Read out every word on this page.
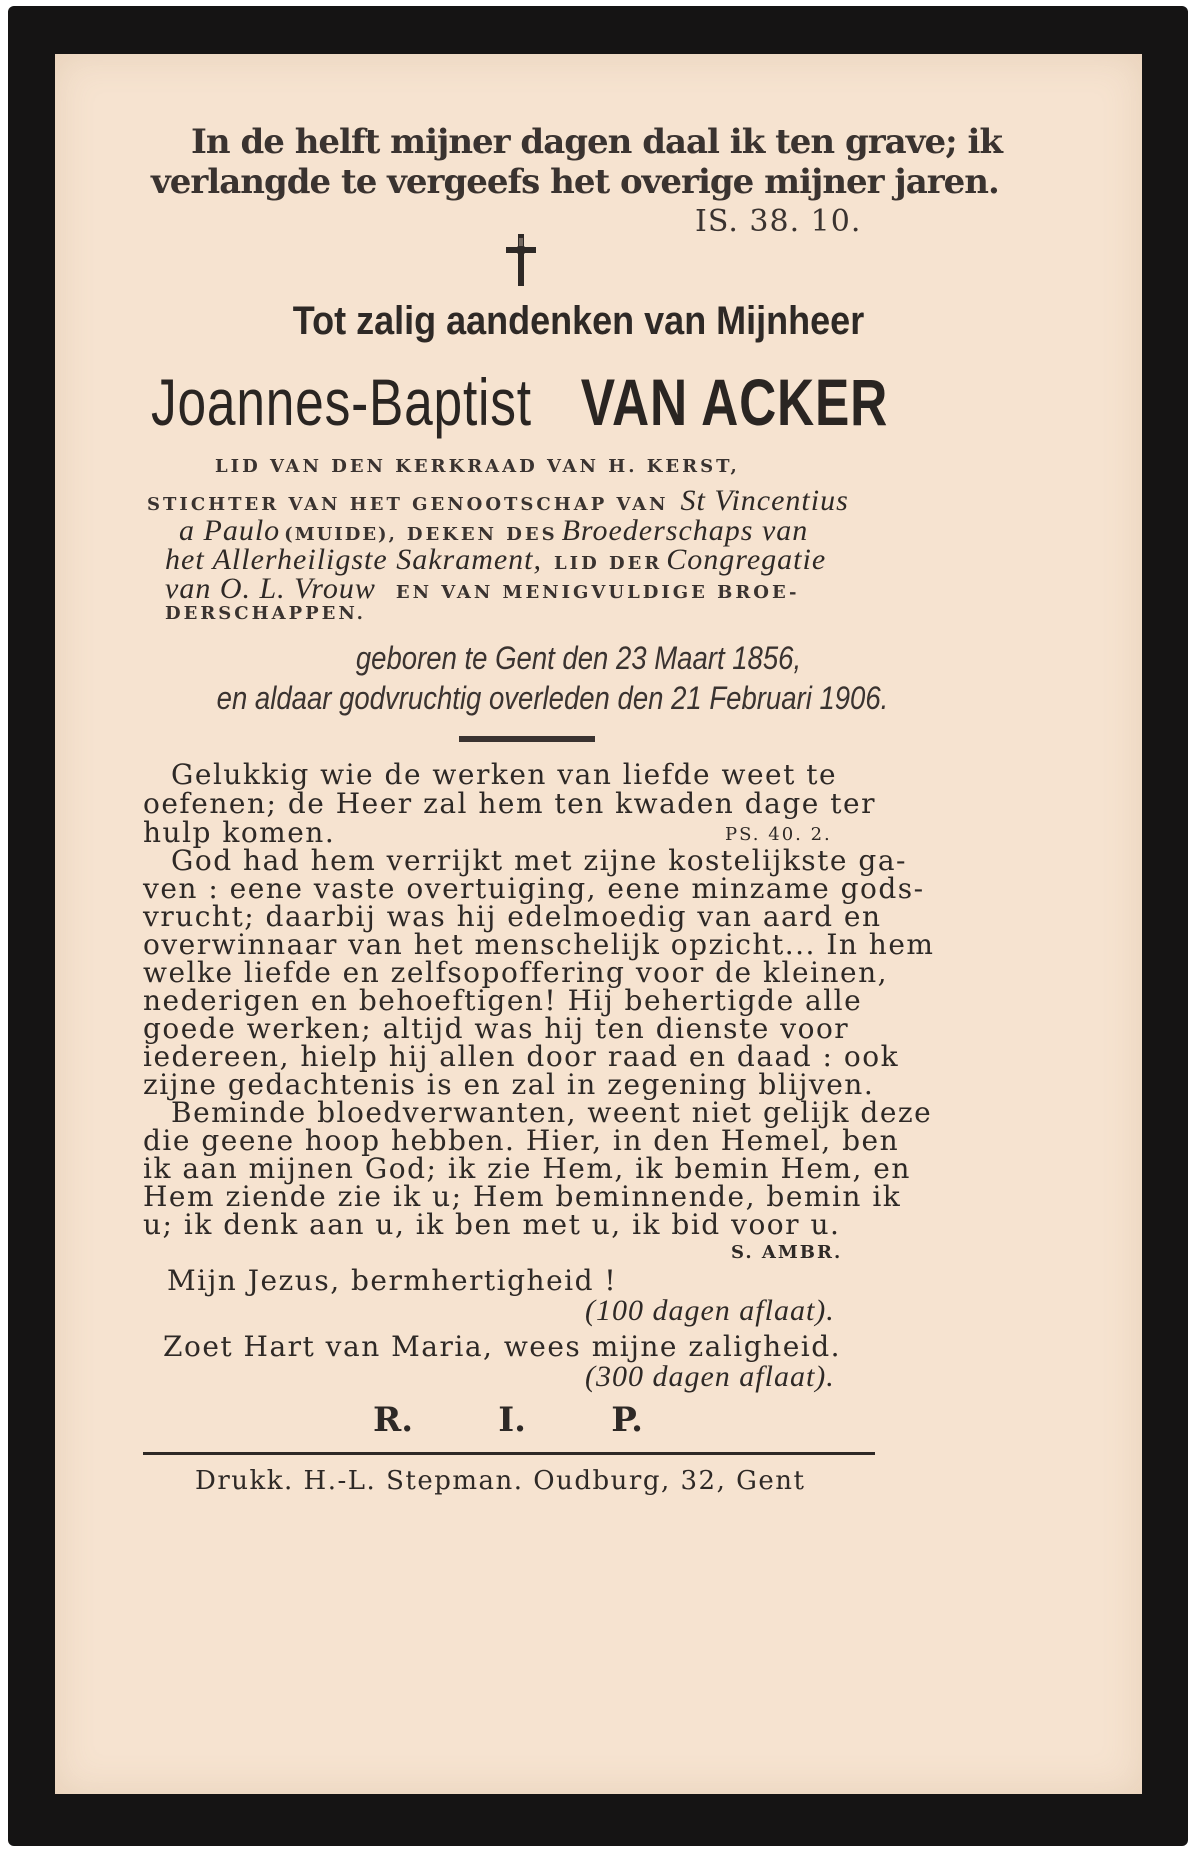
In de helft mijner dagen daal ik ten grave; ik
verlangde te vergeefs het overige mijner jaren.
IS. 38. 10.
Tot zalig aandenken van Mijnheer
Joannes-Baptist VAN ACKER
LID VAN DEN KERKRAAD VAN H. KERST,
STICHTER VAN HET GENOOTSCHAP VAN St Vincentius
a Paulo (MUIDE), DEKEN DES Broederschaps van
het Allerheiligste Sakrament, LID DER Congregatie
van O. L. Vrouw EN VAN MENIGVULDIGE BROE-
DERSCHAPPEN.
geboren te Gent den 23 Maart 1856,
en aldaar godvruchtig overleden den 21 Februari 1906.
Gelukkig wie de werken van liefde weet te
oefenen; de Heer zal hem ten kwaden dage ter
hulp komen.	PS. 40. 2.
God had hem verrijkt met zijne kostelijkste ga-
ven : eene vaste overtuiging, eene minzame gods-
vrucht; daarbij was hij edelmoedig van aard en
overwinnaar van het menschelijk opzicht... In hem
welke liefde en zelfsopoffering voor de kleinen,
nederigen en behoeftigen! Hij behertigde alle
goede werken; altijd was hij ten dienste voor
iedereen, hielp hij allen door raad en daad : ook
zijne gedachtenis is en zal in zegening blijven.
Beminde bloedverwanten, weent niet gelijk deze
die geene hoop hebben. Hier, in den Hemel, ben
ik aan mijnen God; ik zie Hem, ik bemin Hem, en
Hem ziende zie ik u; Hem beminnende, bemin ik
u; ik denk aan u, ik ben met u, ik bid voor u.
S. AMBR.
Mijn Jezus, bermhertigheid !
(100 dagen aflaat).
Zoet Hart van Maria, wees mijne zaligheid.
(300 dagen aflaat).
R.	I.	P.
Drukk. H.-L. Stepman. Oudburg, 32, Gent
